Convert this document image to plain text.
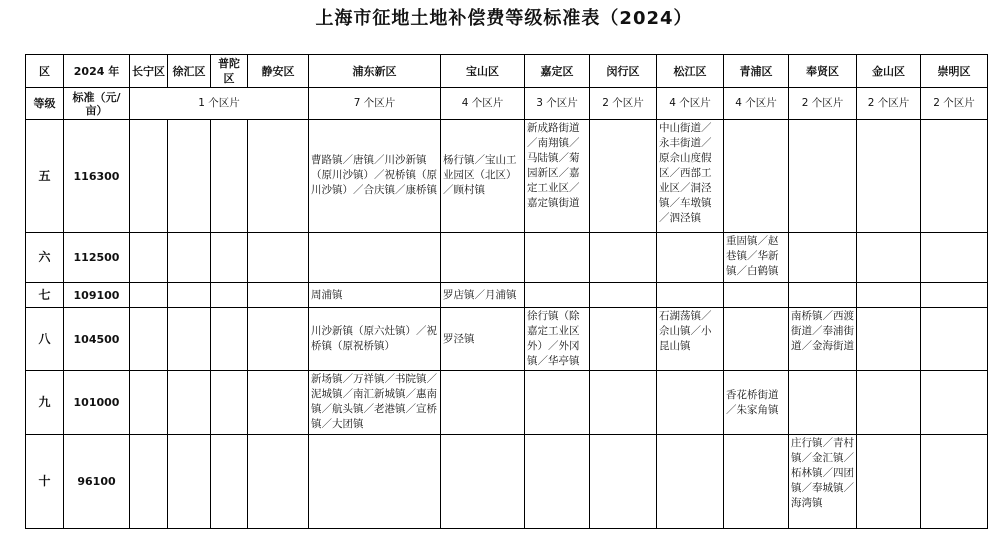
上海市征地土地补偿费等级标准表（2024）
区	2024 年	长宁区	徐汇区	普陀区	静安区	浦东新区	宝山区	嘉定区	闵行区	松江区	青浦区	奉贤区	金山区	崇明区
等级	标准（元/亩）	1 个区片				7 个区片	4 个区片	3 个区片	2 个区片	4 个区片	4 个区片	2 个区片	2 个区片	2 个区片
五	116300					曹路镇／唐镇／川沙新镇（原川沙镇）／祝桥镇（原川沙镇）／合庆镇／康桥镇	杨行镇／宝山工业园区（北区）／顾村镇	新成路街道／南翔镇／马陆镇／菊园新区／嘉定工业区／嘉定镇街道		中山街道／永丰街道／原佘山度假区／西部工业区／洞泾镇／车墩镇／泗泾镇				
六	112500										重固镇／赵巷镇／华新镇／白鹤镇			
七	109100					周浦镇	罗店镇／月浦镇							
八	104500					川沙新镇（原六灶镇）／祝桥镇（原祝桥镇）	罗泾镇	徐行镇（除嘉定工业区外）／外冈镇／华亭镇		石湖荡镇／佘山镇／小昆山镇		南桥镇／西渡街道／奉浦街道／金海街道		
九	101000					新场镇／万祥镇／书院镇／泥城镇／南汇新城镇／惠南镇／航头镇／老港镇／宣桥镇／大团镇					香花桥街道／朱家角镇			
十	96100											庄行镇／青村镇／金汇镇／柘林镇／四团镇／奉城镇／海湾镇		
